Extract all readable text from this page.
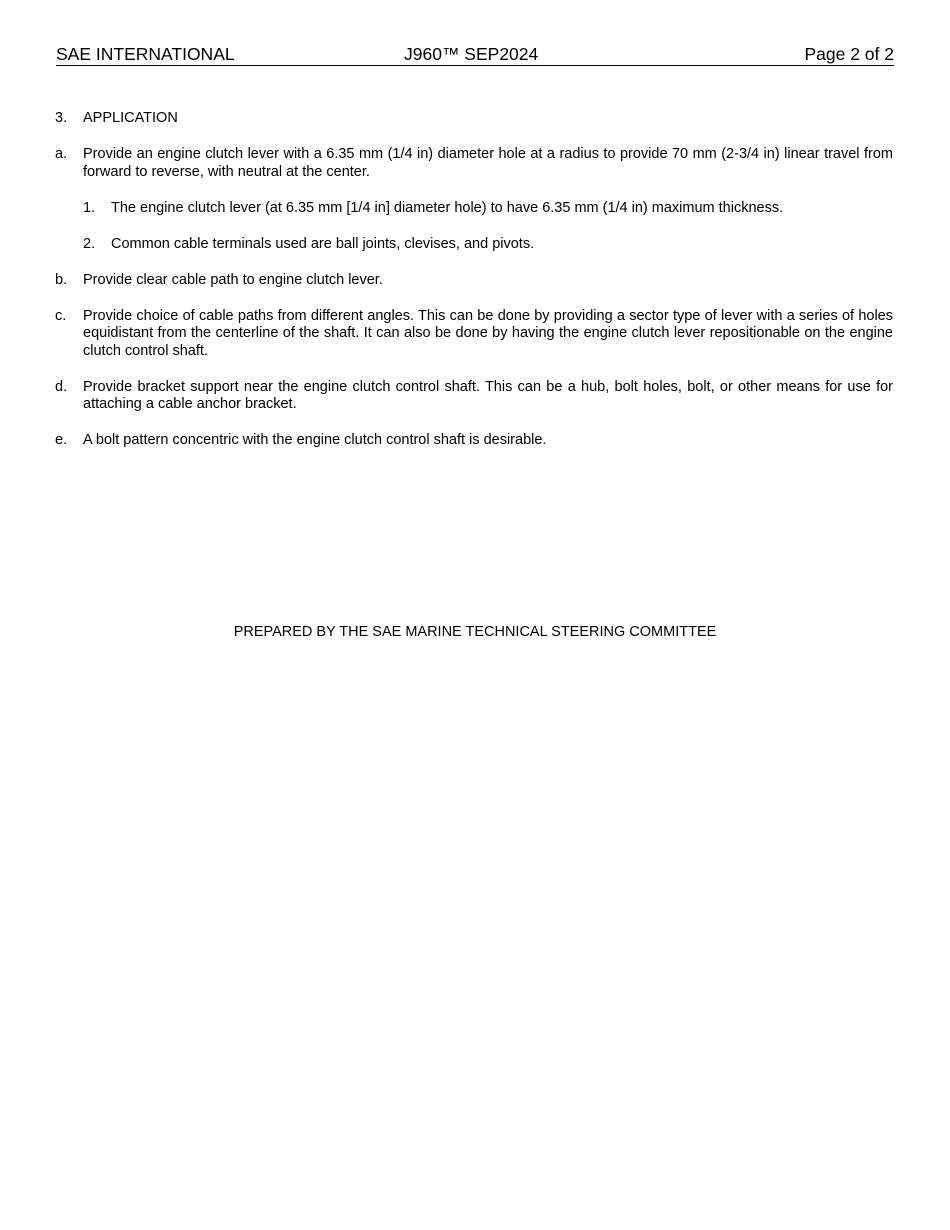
SAE INTERNATIONAL	J960™ SEP2024	Page 2 of 2
3.	APPLICATION
a.	Provide an engine clutch lever with a 6.35 mm (1/4 in) diameter hole at a radius to provide 70 mm (2-3/4 in) linear travel from forward to reverse, with neutral at the center.
1.	The engine clutch lever (at 6.35 mm [1/4 in] diameter hole) to have 6.35 mm (1/4 in) maximum thickness.
2.	Common cable terminals used are ball joints, clevises, and pivots.
b.	Provide clear cable path to engine clutch lever.
c.	Provide choice of cable paths from different angles. This can be done by providing a sector type of lever with a series of holes equidistant from the centerline of the shaft. It can also be done by having the engine clutch lever repositionable on the engine clutch control shaft.
d.	Provide bracket support near the engine clutch control shaft. This can be a hub, bolt holes, bolt, or other means for use for attaching a cable anchor bracket.
e.	A bolt pattern concentric with the engine clutch control shaft is desirable.
PREPARED BY THE SAE MARINE TECHNICAL STEERING COMMITTEE
